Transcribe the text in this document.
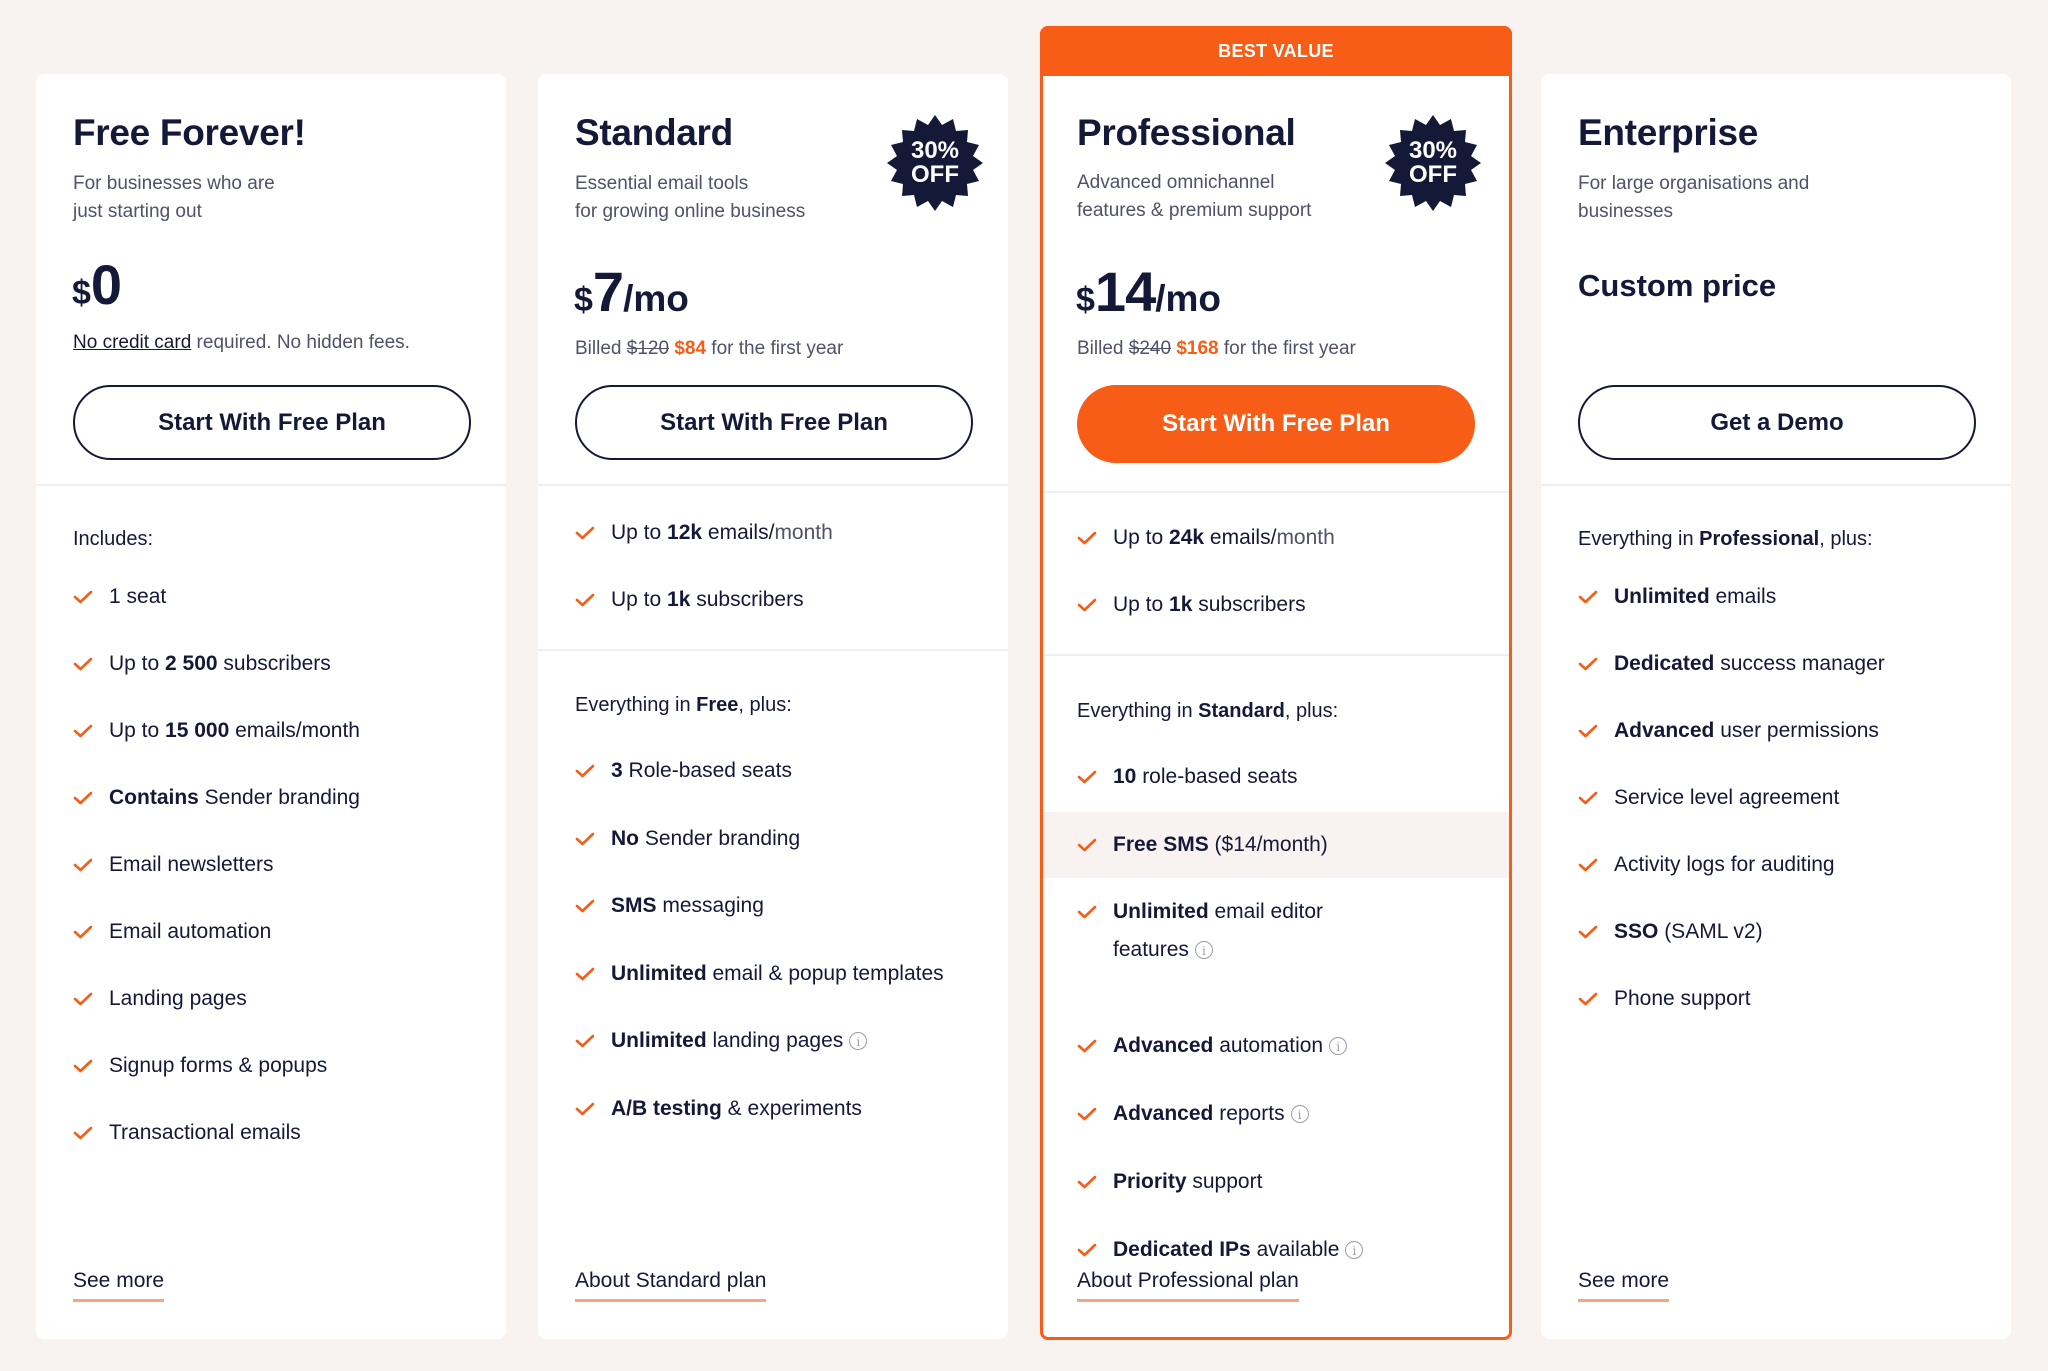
Free Forever!
For businesses who are
just starting out
$0
No credit card required. No hidden fees.
Start With Free Plan
Includes:
1 seat
Up to 2 500 subscribers
Up to 15 000 emails/month
Contains Sender branding
Email newsletters
Email automation
Landing pages
Signup forms & popups
Transactional emails
See more
Standard
Essential email tools
for growing online business
30%
OFF
$7/mo
Billed $120 $84 for the first year
Start With Free Plan
Up to 12k emails/month
Up to 1k subscribers
Everything in Free, plus:
3 Role-based seats
No Sender branding
SMS messaging
Unlimited email & popup templates
Unlimited landing pages i
A/B testing & experiments
About Standard plan
BEST VALUE
Professional
Advanced omnichannel
features & premium support
30%
OFF
$14/mo
Billed $240 $168 for the first year
Start With Free Plan
Up to 24k emails/month
Up to 1k subscribers
Everything in Standard, plus:
10 role-based seats
Free SMS ($14/month)
Unlimited email editor
features i
Advanced automation i
Advanced reports i
Priority support
Dedicated IPs available i
About Professional plan
Enterprise
For large organisations and
businesses
Custom price
Get a Demo
Everything in Professional, plus:
Unlimited emails
Dedicated success manager
Advanced user permissions
Service level agreement
Activity logs for auditing
SSO (SAML v2)
Phone support
See more
